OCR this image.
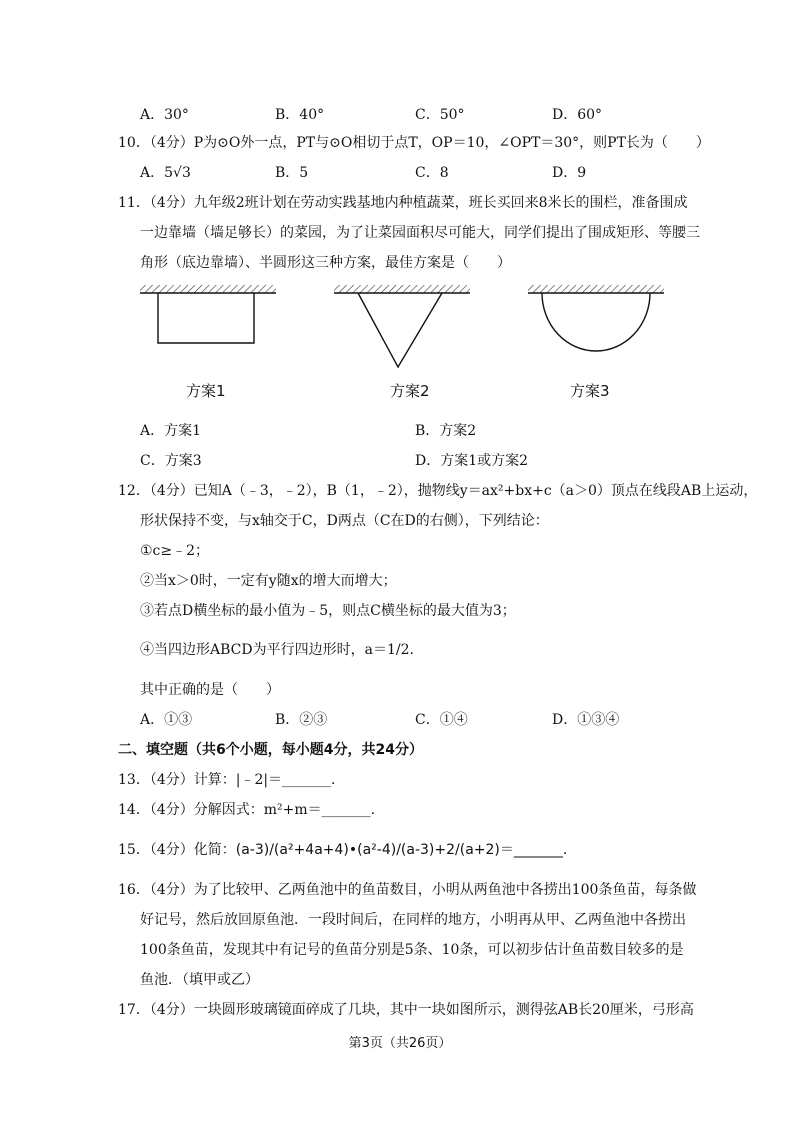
A．30°	B．40°	C．50°	D．60°
10．（4分）P为⊙O外一点，PT与⊙O相切于点T，OP＝10，∠OPT＝30°，则PT长为（　　）
A．5√3	B．5	C．8	D．9
11．（4分）九年级2班计划在劳动实践基地内种植蔬菜，班长买回来8米长的围栏，准备围成
一边靠墙（墙足够长）的菜园，为了让菜园面积尽可能大，同学们提出了围成矩形、等腰三
角形（底边靠墙）、半圆形这三种方案，最佳方案是（　　）
方案1	方案2	方案3
A．方案1	B．方案2
C．方案3	D．方案1或方案2
12．（4分）已知A（﹣3，﹣2），B（1，﹣2），抛物线y＝ax²+bx+c（a＞0）顶点在线段AB上运动，
形状保持不变，与x轴交于C，D两点（C在D的右侧），下列结论：
①c≥﹣2；
②当x＞0时，一定有y随x的增大而增大；
③若点D横坐标的最小值为﹣5，则点C横坐标的最大值为3；
④当四边形ABCD为平行四边形时，a＝1/2.
其中正确的是（　　）
A．①③	B．②③	C．①④	D．①③④
二、填空题（共6个小题，每小题4分，共24分）
13．（4分）计算：|﹣2|＝_______.
14．（4分）分解因式：m²+m＝_______.
15．（4分）化简：(a-3)/(a²+4a+4)•(a²-4)/(a-3)+2/(a+2)＝_______.
16．（4分）为了比较甲、乙两鱼池中的鱼苗数目，小明从两鱼池中各捞出100条鱼苗，每条做
好记号，然后放回原鱼池．一段时间后，在同样的地方，小明再从甲、乙两鱼池中各捞出
100条鱼苗，发现其中有记号的鱼苗分别是5条、10条，可以初步估计鱼苗数目较多的是
鱼池．（填甲或乙）
17．（4分）一块圆形玻璃镜面碎成了几块，其中一块如图所示，测得弦AB长20厘米，弓形高
第3页（共26页）
